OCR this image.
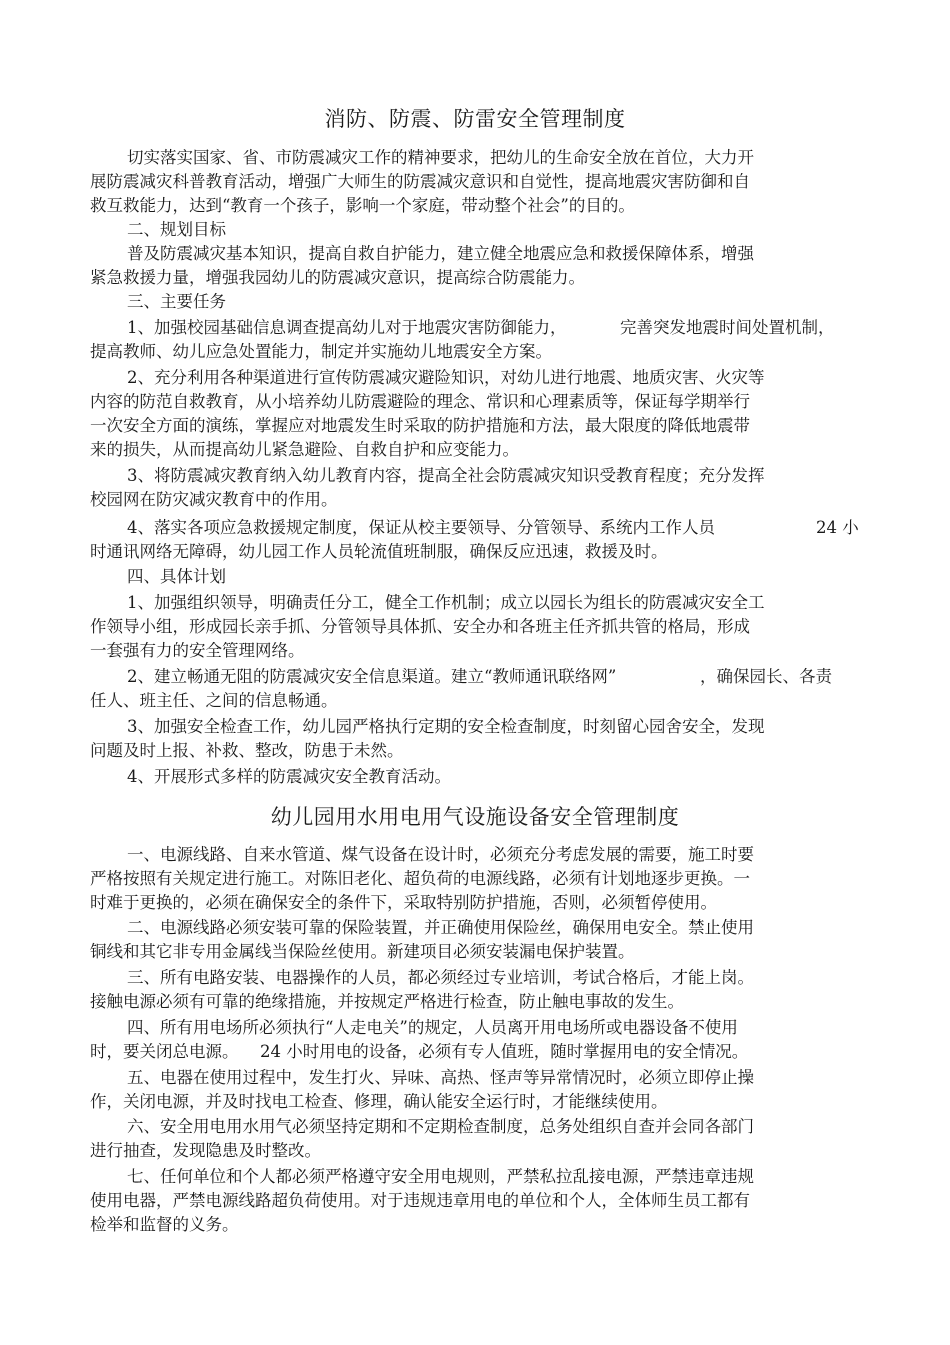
消防、防震、防雷安全管理制度
切实落实国家、省、市防震减灾工作的精神要求，把幼儿的生命安全放在首位，大力开
展防震减灾科普教育活动，增强广大师生的防震减灾意识和自觉性，提高地震灾害防御和自
救互救能力，达到“教育一个孩子，影响一个家庭，带动整个社会”的目的。
二、规划目标
普及防震减灾基本知识，提高自救自护能力，建立健全地震应急和救援保障体系，增强
紧急救援力量，增强我园幼儿的防震减灾意识，提高综合防震能力。
三、主要任务
1、加强校园基础信息调查提高幼儿对于地震灾害防御能力，	完善突发地震时间处置机制，
提高教师、幼儿应急处置能力，制定并实施幼儿地震安全方案。
2、充分利用各种渠道进行宣传防震减灾避险知识，对幼儿进行地震、地质灾害、火灾等
内容的防范自救教育，从小培养幼儿防震避险的理念、常识和心理素质等，保证每学期举行
一次安全方面的演练，掌握应对地震发生时采取的防护措施和方法，最大限度的降低地震带
来的损失，从而提高幼儿紧急避险、自救自护和应变能力。
3、将防震减灾教育纳入幼儿教育内容，提高全社会防震减灾知识受教育程度；充分发挥
校园网在防灾减灾教育中的作用。
4、落实各项应急救援规定制度，保证从校主要领导、分管领导、系统内工作人员	24 小
时通讯网络无障碍，幼儿园工作人员轮流值班制服，确保反应迅速，救援及时。
四、具体计划
1、加强组织领导，明确责任分工，健全工作机制；成立以园长为组长的防震减灾安全工
作领导小组，形成园长亲手抓、分管领导具体抓、安全办和各班主任齐抓共管的格局，形成
一套强有力的安全管理网络。
2、建立畅通无阻的防震减灾安全信息渠道。建立“教师通讯联络网”	，确保园长、各责
任人、班主任、之间的信息畅通。
3、加强安全检查工作，幼儿园严格执行定期的安全检查制度，时刻留心园舍安全，发现
问题及时上报、补救、整改，防患于未然。
4、开展形式多样的防震减灾安全教育活动。
幼儿园用水用电用气设施设备安全管理制度
一、电源线路、自来水管道、煤气设备在设计时，必须充分考虑发展的需要，施工时要
严格按照有关规定进行施工。对陈旧老化、超负荷的电源线路，必须有计划地逐步更换。一
时难于更换的，必须在确保安全的条件下，采取特别防护措施，否则，必须暂停使用。
二、电源线路必须安装可靠的保险装置，并正确使用保险丝，确保用电安全。禁止使用
铜线和其它非专用金属线当保险丝使用。新建项目必须安装漏电保护装置。
三、所有电路安装、电器操作的人员，都必须经过专业培训，考试合格后，才能上岗。
接触电源必须有可靠的绝缘措施，并按规定严格进行检查，防止触电事故的发生。
四、所有用电场所必须执行“人走电关”的规定，人员离开用电场所或电器设备不使用
时，要关闭总电源。 24 小时用电的设备，必须有专人值班，随时掌握用电的安全情况。
五、电器在使用过程中，发生打火、异味、高热、怪声等异常情况时，必须立即停止操
作，关闭电源，并及时找电工检查、修理，确认能安全运行时，才能继续使用。
六、安全用电用水用气必须坚持定期和不定期检查制度，总务处组织自查并会同各部门
进行抽查，发现隐患及时整改。
七、任何单位和个人都必须严格遵守安全用电规则，严禁私拉乱接电源，严禁违章违规
使用电器，严禁电源线路超负荷使用。对于违规违章用电的单位和个人，全体师生员工都有
检举和监督的义务。
